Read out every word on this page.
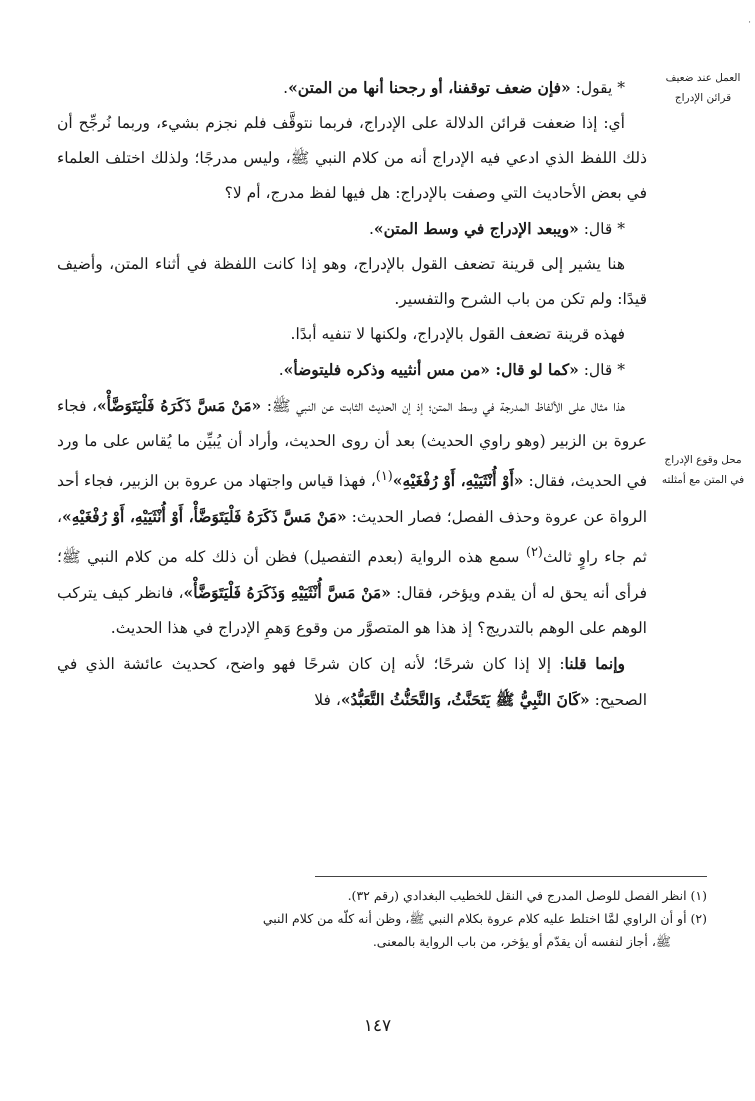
·
العمل عند ضعيف قرائن الإدراج
محل وقوع الإدراج في المتن مع أمثلته

* يقول: «فإن ضعف توقفنا، أو رجحنا أنها من المتن».

أي: إذا ضعفت قرائن الدلالة على الإدراج، فربما نتوقَّف فلم نجزم بشيء، وربما نُرجِّح أن ذلك اللفظ الذي ادعي فيه الإدراج أنه من كلام النبي ﷺ، وليس مدرجًا؛ ولذلك اختلف العلماء في بعض الأحاديث التي وصفت بالإدراج: هل فيها لفظ مدرج، أم لا؟

* قال: «ويبعد الإدراج في وسط المتن».

هنا يشير إلى قرينة تضعف القول بالإدراج، وهو إذا كانت اللفظة في أثناء المتن، وأضيف قيدًا: ولم تكن من باب الشرح والتفسير.

فهذه قرينة تضعف القول بالإدراج، ولكنها لا تنفيه أبدًا.

* قال: «كما لو قال: «من مس أنثييه وذكره فليتوضأ».

هذا مثال على الألفاظ المدرجة في وسط المتن؛ إذ إن الحديث الثابت عن النبي ﷺ: «مَنْ مَسَّ ذَكَرَهُ فَلْيَتَوَضَّأْ»، فجاء عروة بن الزبير (وهو راوي الحديث) بعد أن روى الحديث، وأراد أن يُبيِّن ما يُقاس على ما ورد في الحديث، فقال: «أَوْ أُنْثَيَيْهِ، أَوْ رُفْغَيْهِ»$^{(١)}$، فهذا قياس واجتهاد من عروة بن الزبير، فجاء أحد الرواة عن عروة وحذف الفصل؛ فصار الحديث: «مَنْ مَسَّ ذَكَرَهُ فَلْيَتَوَضَّأْ، أَوْ أُنْثَيَيْهِ، أَوْ رُفْغَيْهِ»، ثم جاء راوٍ ثالث$^{(٢)}$ سمع هذه الرواية (بعدم التفصيل) فظن أن ذلك كله من كلام النبي ﷺ؛ فرأى أنه يحق له أن يقدم ويؤخر، فقال: «مَنْ مَسَّ أُنْثَيَيْهِ وَذَكَرَهُ فَلْيَتَوَضَّأْ»، فانظر كيف يتركب الوهم على الوهم بالتدريج؟ إذ هذا هو المتصوَّر من وقوع وَهمِ الإدراج في هذا الحديث.

وإنما قلنا: إلا إذا كان شرحًا؛ لأنه إن كان شرحًا فهو واضح، كحديث عائشة الذي في الصحيح: «كَانَ النَّبِيُّ ﷺ يَتَحَنَّثُ، وَالتَّحَنُّثُ التَّعَبُّدُ»، فلا

(١) انظر الفصل للوصل المدرج في النقل للخطيب البغدادي (رقم ٣٢).

(٢) أو أن الراوي لمَّا اختلط عليه كلام عروة بكلام النبي ﷺ، وظن أنه كلّه من كلام النبي

ﷺ، أجاز لنفسه أن يقدّم أو يؤخر، من باب الرواية بالمعنى.

١٤٧
